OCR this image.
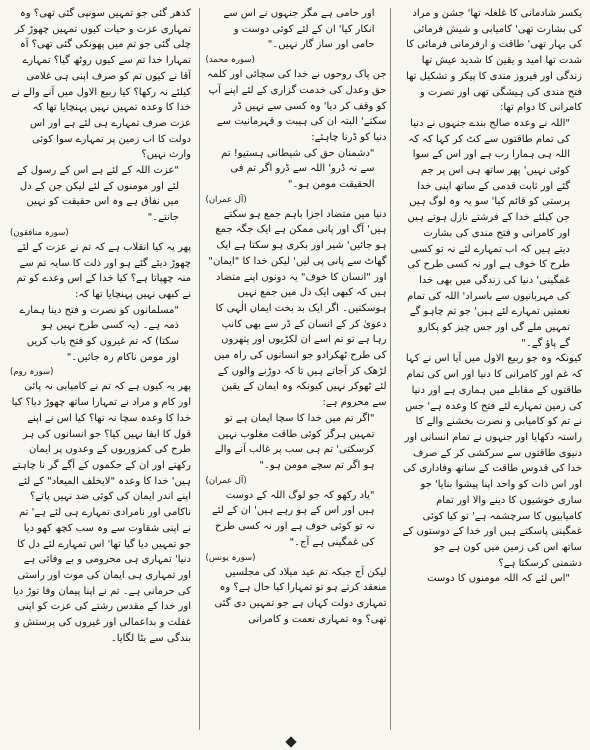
یکسر شادمانی کا غلغلہ تھا' جشن و مراد کی بشارت تھی' کامیابی و شیش فرمائی کی بہار تھی' طاقت و ارفرمانی فرمائی کا شدت تھا امید و یقین کا شدید عیش تھا زندگی اور فیروز مندی کا پیکر و تشکیل تھا فتح مندی کی ہیشگی تھی اور نصرت و کامرانی کا دوام تھا:

"اللہ نے وعدہ صالح بندے جنہوں نے دنیا کی تمام طاقتوں سے کٹ کر کہا کہ کہ اللہ ہی ہمارا رب ہے اور اس کے سوا کوئی نہیں' پھر ساتھ ہی اس پر جم گئے اور ثابت قدمی کے ساتھ اپنی خدا پرستی کو قائم کیا' سو یہ وہ لوگ ہیں جن کیلئے خدا کے فرشتے نازل ہوتے ہیں اور کامرانی و فتح مندی کی بشارت دیتے ہیں کہ اب تمہارے لئے نہ تو کسی طرح کا خوف ہے اور نہ کسی طرح کی غمگینی' دنیا کی زندگی میں بھی خدا کی مہربانیوں سے باسراد' اللہ کی تمام نعمتیں تمہارے لئے ہیں' جو تم چاہو گے تمہیں ملے گی اور جس چیز کو پکارو گے پاؤ گے۔"

کیونکہ وہ جو ربیع الاول میں آیا اس نے کہا کہ غم اور کامرانی کا دنیا اور اس کی تمام طاقتوں کے مقابلے میں ہماری ہے اور دنیا کی زمین تمہارے لئے فتح کا وعدہ ہے' جس نے تم کو کامیابی و نصرت بخشنے والے کا راستہ دکھایا اور جنہوں نے تمام انسانی اور دنیوی طاقتوں سے سرکشی کر کے صرف خدا کی قدوس طاقت کے ساتھ وفاداری کی اور اس ذات کو واحد اپنا پیشوا بنایا' جو ساری خوشیوں کا دینے والا اور تمام کامیابیوں کا سرچشمہ ہے' تو کیا کوئی غمگینی پاسکتے ہیں اور خدا کے دوستوں کے ساتھ اس کی زمین میں کون ہے جو دشمنی کرسکتا ہے؟

"اس لئے کہ اللہ مومنوں کا دوست

اور حامی ہے مگر جنہوں نے اس سے انکار کیا' ان کے لئے کوئی دوست و حامی اور ساز گار نہیں۔"

(سورہ محمد)

جن پاک روحوں نے خدا کی سچائی اور کلمہ حق وعدل کی خدمت گزاری کے لئے اپنے آپ کو وقف کر دیا' وہ کسی سے نہیں ڈر سکتے' البتہ ان کی ہیبت و قہرمانیت سے دنیا کو ڈرنا چاہئے:

"دشمنان حق کی شیطانی ہستیو! تم سے نہ ڈرو' اللہ سے ڈرو اگر تم فی الحقیقت مومن ہو۔"

(آل عمران)

دنیا میں متضاد اجزا باہم جمع ہو سکتے ہیں' آگ اور پانی ممکن ہے ایک جگہ جمع ہو جائیں' شیر اور بکری ہو سکتا ہے ایک گھاٹ سے پانی پی لیں' لیکن خدا کا "ایمان" اور "انسان کا خوف" یہ دونوں اپنے متضاد ہیں کہ کبھی ایک دل میں جمع نہیں ہوسکتیں۔ اگر ایک بد بخت ایمان الٰہی کا دعویٰ کر کے انسان کے ڈر سے بھی کانپ رہا ہے تو تم اسے ان لکڑیوں اور پتھروں کی طرح ٹھکرادو جو انسانوں کی راہ میں لڑھک کر آجاتے ہیں تا کہ دوڑنے والوں کے لئے ٹھوکر نہیں کیونکہ وہ ایمان کے یقین سے محروم ہے:

"اگر تم میں خدا کا سچا ایمان ہے تو تمہیں ہرگز کوئی طاقت مغلوب نہیں کرسکتی' تم ہی سب پر غالب آنے والے ہو اگر تم سچے مومن ہو۔"

(آل عمران)

"یاد رکھو کہ جو لوگ اللہ کے دوست ہیں اور اس کے ہو رہے ہیں' ان کے لئے نہ تو کوئی خوف ہے اور نہ کسی طرح کی غمگینی ہے آج۔"

(سورہ یونس)

لیکن آج جبکہ تم عید میلاد کی مجلسیں منعقد کرتے ہو تو تمہارا کیا حال ہے؟ وہ تمہاری دولت کہاں ہے جو تمہیں دی گئی تھی؟ وہ تمہاری نعمت و کامرانی

کدھر گئی جو تمہیں سونپی گئی تھی؟ وہ تمہاری عزت و حیات کیوں تمہیں چھوڑ کر چلی گئی جو تم میں پھونکی گئی تھی؟ آہ تمہارا خدا تم سے کیوں روٹھ گیا؟ تمہارے آقا نے کیوں تم کو صرف اپنی ہی غلامی کیلئے نہ رکھا؟ کیا ربیع الاول میں آنے والے نے خدا کا وعدہ تمہیں نہیں پہنچایا تھا کہ عزت صرف تمہارے ہی لئے ہے اور اس دولت کا اب زمین پر تمہارے سوا کوئی وارث نہیں؟

"عزت اللہ کے لئے ہے اس کے رسول کے لئے اور مومنوں کے لئے لیکن جن کے دل میں نفاق ہے وہ اس حقیقت کو نہیں جانتے۔"

(سورہ منافقون)

پھر یہ کیا انقلاب ہے کہ تم نے عزت کے لئے چھوڑ دیئے گئے ہو اور ذلت کا سایہ تم سے منہ چھپاتا ہے؟ کیا خدا کے اس وعدے کو تم نے کبھی نہیں پہنچایا تھا کہ:

"مسلمانوں کو نصرت و فتح دینا ہمارے ذمہ ہے۔ (یہ کسی طرح نہیں ہو سکتا) کہ تم غیروں کو فتح یاب کریں اور مومن ناکام رہ جائیں۔"

(سورہ روم)

پھر یہ کیوں ہے کہ تم نے کامیابی نہ پائی اور کام و مراد نے تمہارا ساتھ چھوڑ دیا؟ کیا خدا کا وعدہ سچا نہ تھا؟ کیا اس نے اپنے قول کا ایفا نہیں کیا؟ جو انسانوں کی ہر طرح کی کمزوریوں کے وعدوں پر ایمان رکھتے اور ان کے حکموں کے آگے گر نا چاہتے ہیں' خدا کا وعدہ "لایخلف المیعاد" کے لئے اپنے اندر ایمان کی کوئی ضد نہیں پاتے؟ ناکامی اور نامرادی تمہارے ہی لئے ہے' تم نے اپنی شقاوت سے وہ سب کچھ کھو دیا جو تمہیں دیا گیا تھا' اس تمہارے لئے دل کا دنیا' تمہاری ہی محرومی و بے وفائی ہے اور تمہاری ہی ایمان کی موت اور راستی کی حرمانی ہے۔ تم نے اپنا پیمان وفا توڑ دیا اور خدا کے مقدس رشتے کی عزت کو اپنی غفلت و بداعمالی اور غیروں کی پرستش و بندگی سے بٹا لگایا۔
